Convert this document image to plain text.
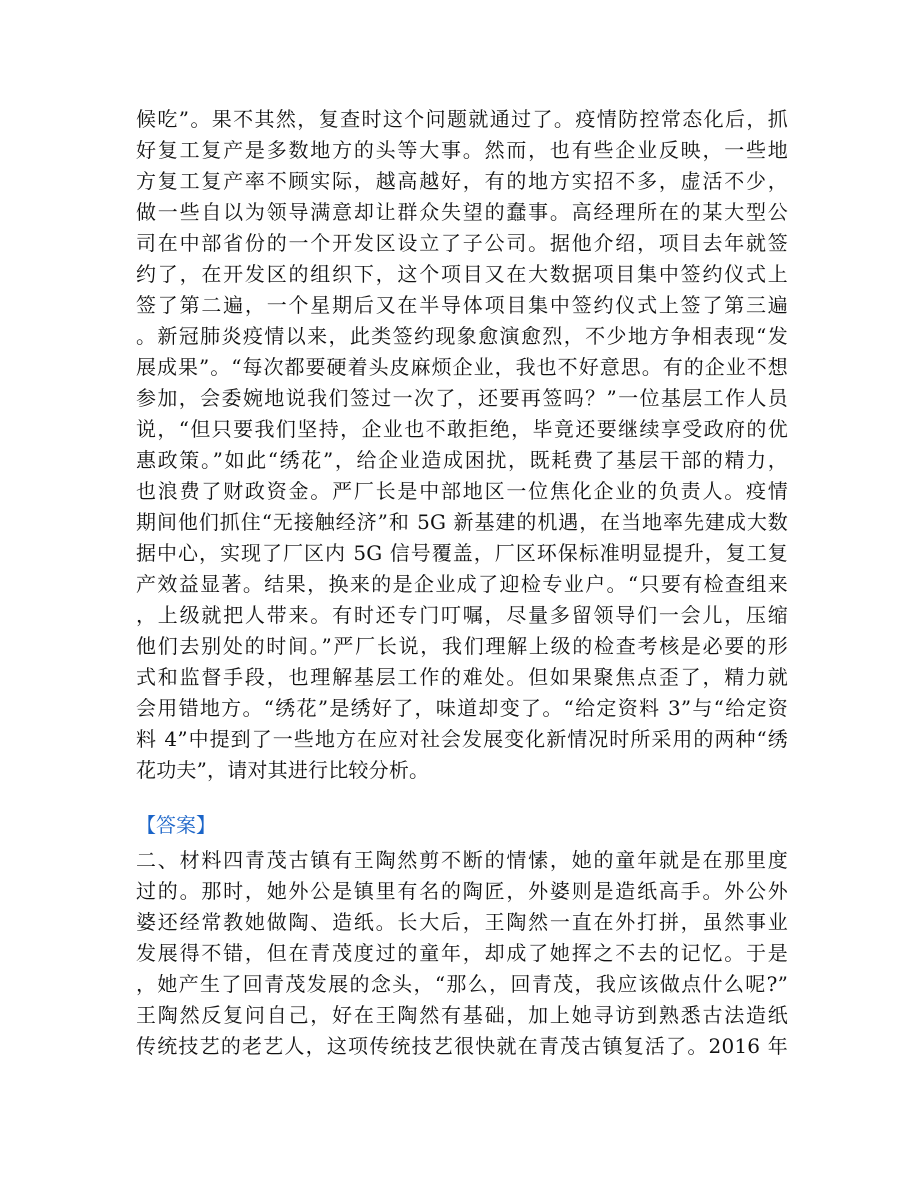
候吃”。果不其然，复查时这个问题就通过了。疫情防控常态化后，抓
好复工复产是多数地方的头等大事。然而，也有些企业反映，一些地
方复工复产率不顾实际，越高越好，有的地方实招不多，虚活不少，
做一些自以为领导满意却让群众失望的蠢事。高经理所在的某大型公
司在中部省份的一个开发区设立了子公司。据他介绍，项目去年就签
约了，在开发区的组织下，这个项目又在大数据项目集中签约仪式上
签了第二遍，一个星期后又在半导体项目集中签约仪式上签了第三遍
。新冠肺炎疫情以来，此类签约现象愈演愈烈，不少地方争相表现“发
展成果”。“每次都要硬着头皮麻烦企业，我也不好意思。有的企业不想
参加，会委婉地说我们签过一次了，还要再签吗？”一位基层工作人员
说，“但只要我们坚持，企业也不敢拒绝，毕竟还要继续享受政府的优
惠政策。”如此“绣花”，给企业造成困扰，既耗费了基层干部的精力，
也浪费了财政资金。严厂长是中部地区一位焦化企业的负责人。疫情
期间他们抓住“无接触经济”和 5G 新基建的机遇，在当地率先建成大数
据中心，实现了厂区内 5G 信号覆盖，厂区环保标准明显提升，复工复
产效益显著。结果，换来的是企业成了迎检专业户。“只要有检查组来
，上级就把人带来。有时还专门叮嘱，尽量多留领导们一会儿，压缩
他们去别处的时间。”严厂长说，我们理解上级的检查考核是必要的形
式和监督手段，也理解基层工作的难处。但如果聚焦点歪了，精力就
会用错地方。“绣花”是绣好了，味道却变了。“给定资料 3”与“给定资
料 4”中提到了一些地方在应对社会发展变化新情况时所采用的两种“绣
花功夫”，请对其进行比较分析。
【答案】
二、材料四青茂古镇有王陶然剪不断的情愫，她的童年就是在那里度
过的。那时，她外公是镇里有名的陶匠，外婆则是造纸高手。外公外
婆还经常教她做陶、造纸。长大后，王陶然一直在外打拼，虽然事业
发展得不错，但在青茂度过的童年，却成了她挥之不去的记忆。于是
，她产生了回青茂发展的念头，“那么，回青茂，我应该做点什么呢?”
王陶然反复问自己，好在王陶然有基础，加上她寻访到熟悉古法造纸
传统技艺的老艺人，这项传统技艺很快就在青茂古镇复活了。2016 年
